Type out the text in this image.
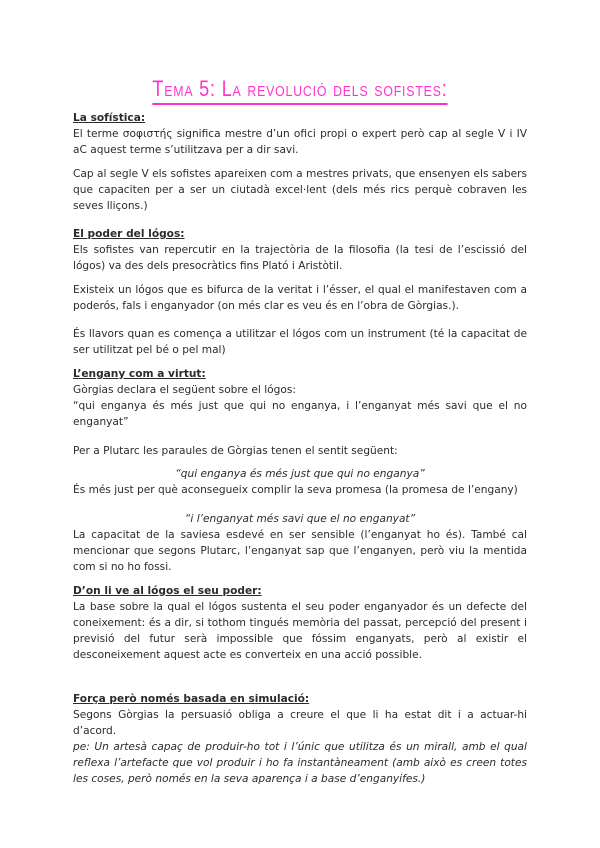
Tema 5: La revolució dels sofistes:
La sofística:
El terme σοφιστής significa mestre d’un ofici propi o expert però cap al segle V i IV aC aquest terme s’utilitzava per a dir savi.
Cap al segle V els sofistes apareixen com a mestres privats, que ensenyen els sabers que capaciten per a ser un ciutadà excel·lent (dels més rics perquè cobraven les seves lliçons.)
El poder del lógos:
Els sofistes van repercutir en la trajectòria de la filosofia (la tesi de l’escissió del lógos) va des dels presocràtics fins Plató i Aristòtil.
Existeix un lógos que es bifurca de la veritat i l’ésser, el qual el manifestaven com a poderós, fals i enganyador (on més clar es veu és en l’obra de Gòrgias.).
És llavors quan es comença a utilitzar el lógos com un instrument (té la capacitat de ser utilitzat pel bé o pel mal)
L’engany com a virtut:
Gòrgias declara el següent sobre el lógos:
“qui enganya és més just que qui no enganya, i l’enganyat més savi que el no enganyat”
Per a Plutarc les paraules de Gòrgias tenen el sentit següent:
“qui enganya és més just que qui no enganya”
És més just per què aconsegueix complir la seva promesa (la promesa de l’engany)
“i l’enganyat més savi que el no enganyat”
La capacitat de la saviesa esdevé en ser sensible (l’enganyat ho és). També cal mencionar que segons Plutarc, l’enganyat sap que l’enganyen, però viu la mentida com si no ho fossi.
D’on li ve al lógos el seu poder:
La base sobre la qual el lógos sustenta el seu poder enganyador és un defecte del coneixement: és a dir, si tothom tingués memòria del passat, percepció del present i previsió del futur serà impossible que fóssim enganyats, però al existir el desconeixement aquest acte es converteix en una acció possible.
Força però només basada en simulació:
Segons Gòrgias la persuasió obliga a creure el que li ha estat dit i a actuar-hi d’acord.
pe: Un artesà capaç de produir-ho tot i l’únic que utilitza és un mirall, amb el qual reflexa l’artefacte que vol produir i ho fa instantàneament (amb això es creen totes les coses, però només en la seva aparença i a base d’enganyifes.)
